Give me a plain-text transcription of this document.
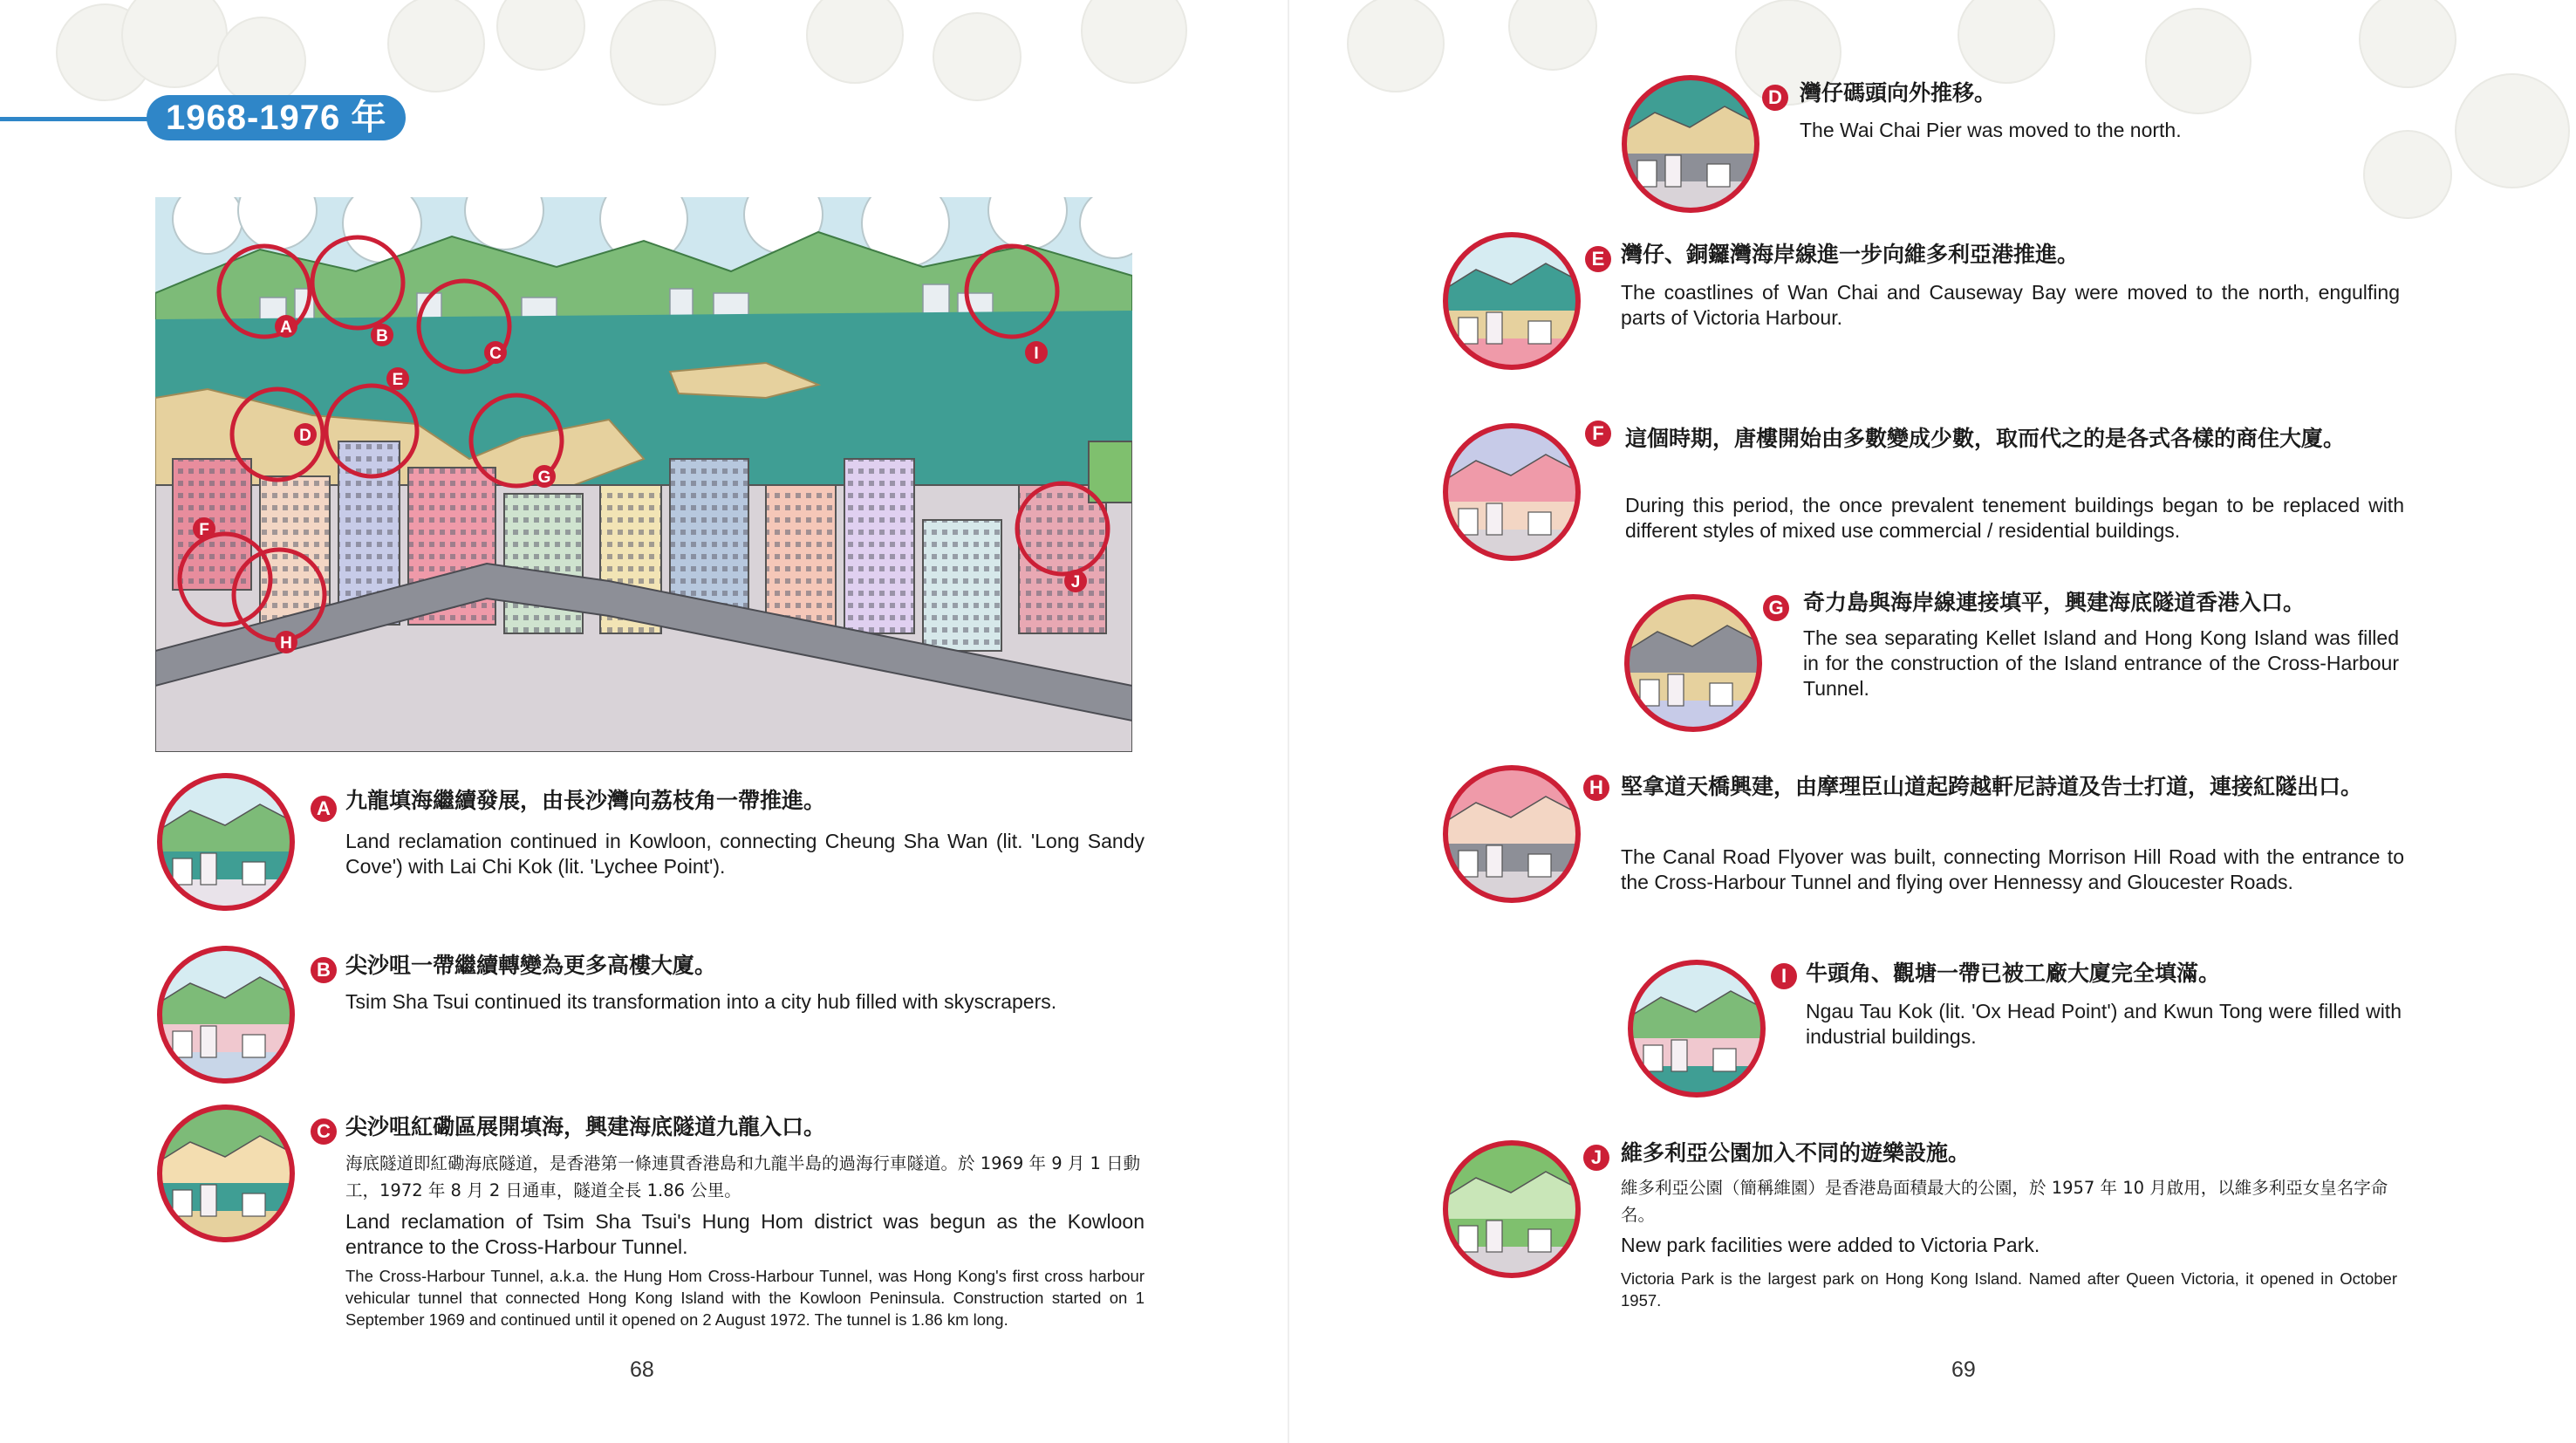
1968-1976 年
A	B
C
D
E
F
G
H
I
J
A 九龍填海繼續發展，由長沙灣向荔枝角一帶推進。
Land reclamation continued in Kowloon, connecting Cheung Sha Wan (lit. 'Long Sandy Cove') with Lai Chi Kok (lit. 'Lychee Point').
B 尖沙咀一帶繼續轉變為更多高樓大廈。
Tsim Sha Tsui continued its transformation into a city hub filled with skyscrapers.
C 尖沙咀紅磡區展開填海，興建海底隧道九龍入口。
海底隧道即紅磡海底隧道，是香港第一條連貫香港島和九龍半島的過海行車隧道。於 1969 年 9 月 1 日動工，1972 年 8 月 2 日通車，隧道全長 1.86 公里。
Land reclamation of Tsim Sha Tsui's Hung Hom district was begun as the Kowloon entrance to the Cross-Harbour Tunnel.
The Cross-Harbour Tunnel, a.k.a. the Hung Hom Cross-Harbour Tunnel, was Hong Kong's first cross harbour vehicular tunnel that connected Hong Kong Island with the Kowloon Peninsula. Construction started on 1 September 1969 and continued until it opened on 2 August 1972. The tunnel is 1.86 km long.
68
D 灣仔碼頭向外推移。
The Wai Chai Pier was moved to the north.
E 灣仔、銅鑼灣海岸線進一步向維多利亞港推進。
The coastlines of Wan Chai and Causeway Bay were moved to the north, engulfing parts of Victoria Harbour.
F 這個時期，唐樓開始由多數變成少數，取而代之的是各式各樣的商住大廈。
During this period, the once prevalent tenement buildings began to be replaced with different styles of mixed use commercial / residential buildings.
G 奇力島與海岸線連接填平，興建海底隧道香港入口。
The sea separating Kellet Island and Hong Kong Island was filled in for the construction of the Island entrance of the Cross-Harbour Tunnel.
H 堅拿道天橋興建，由摩理臣山道起跨越軒尼詩道及告士打道，連接紅隧出口。
The Canal Road Flyover was built, connecting Morrison Hill Road with the entrance to the Cross-Harbour Tunnel and flying over Hennessy and Gloucester Roads.
I 牛頭角、觀塘一帶已被工廠大廈完全填滿。
Ngau Tau Kok (lit. 'Ox Head Point') and Kwun Tong were filled with industrial buildings.
J 維多利亞公園加入不同的遊樂設施。
維多利亞公園（簡稱維園）是香港島面積最大的公園，於 1957 年 10 月啟用，以維多利亞女皇名字命名。
New park facilities were added to Victoria Park.
Victoria Park is the largest park on Hong Kong Island. Named after Queen Victoria, it opened in October 1957.
69
